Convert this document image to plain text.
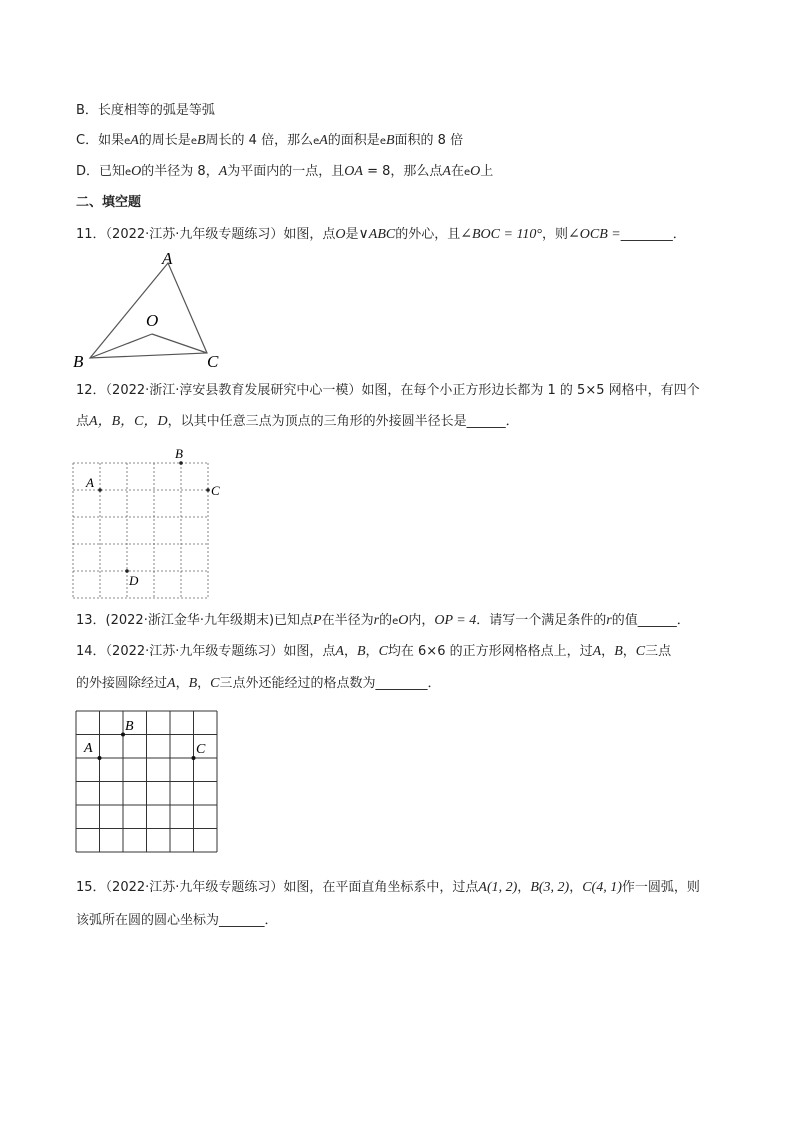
B．长度相等的弧是等弧
C．如果eA的周长是eB周长的 4 倍，那么eA的面积是eB面积的 8 倍
D．已知eO的半径为 8，A为平面内的一点，且OA = 8，那么点A在eO上
二、填空题
11．（2022·江苏·九年级专题练习）如图，点O是∨ABC的外心，且∠BOC = 110°，则∠OCB =________．
A
O
B	C
12．（2022·浙江·淳安县教育发展研究中心一模）如图，在每个小正方形边长都为 1 的 5×5 网格中，有四个
点A，B，C，D，以其中任意三点为顶点的三角形的外接圆半径长是______．
A
B
C
D
13．(2022·浙江金华·九年级期末)已知点P在半径为r的eO内，OP = 4．请写一个满足条件的r的值______．
14．（2022·江苏·九年级专题练习）如图，点A，B，C均在 6×6 的正方形网格格点上，过A，B，C三点
的外接圆除经过A，B，C三点外还能经过的格点数为________．
A
B
C
15．（2022·江苏·九年级专题练习）如图，在平面直角坐标系中，过点A(1, 2)，B(3, 2)，C(4, 1)作一圆弧，则
该弧所在圆的圆心坐标为_______．
